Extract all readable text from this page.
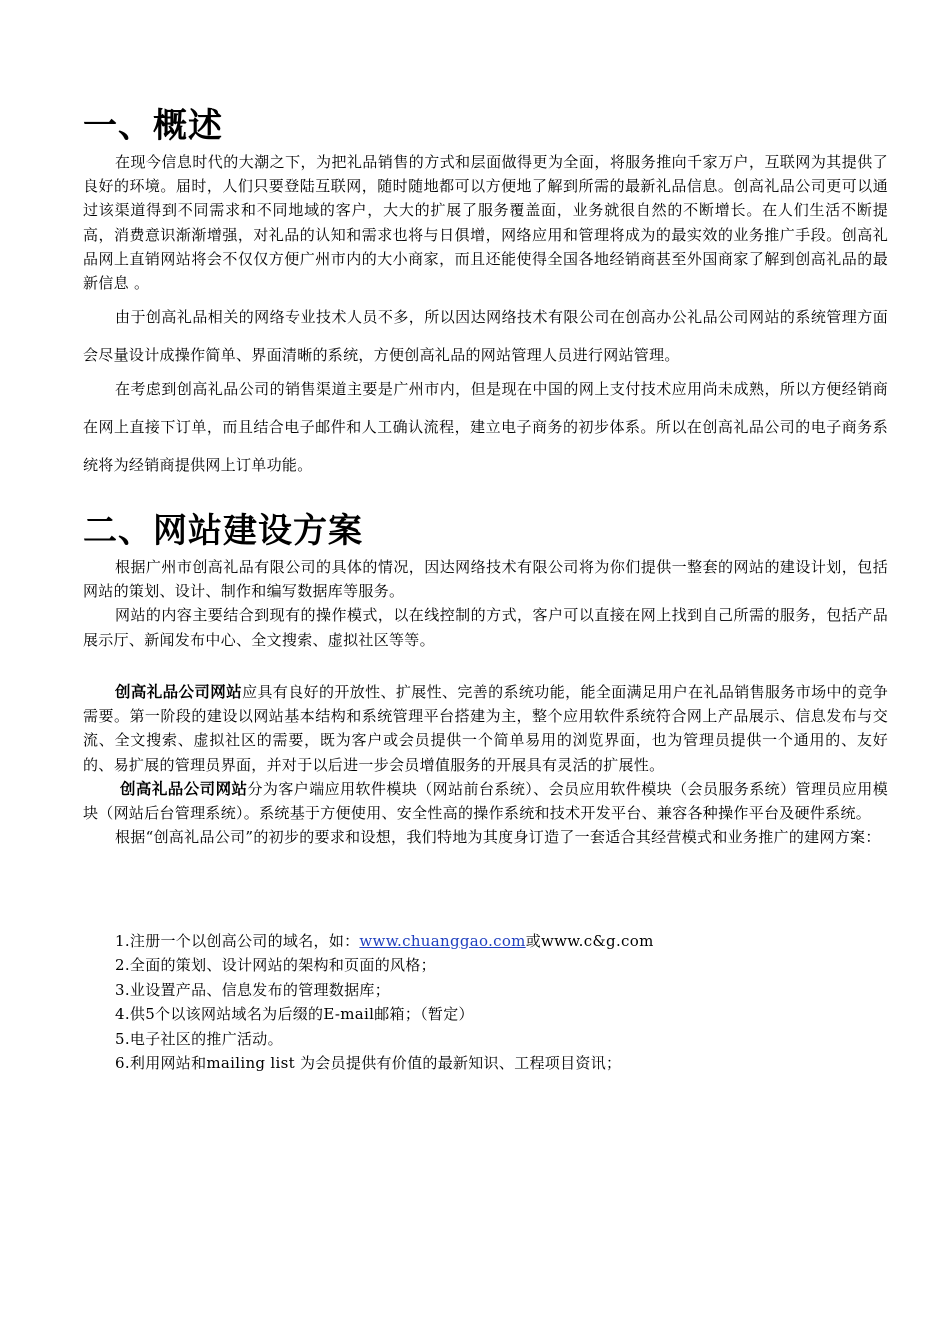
一、概述

在现今信息时代的大潮之下，为把礼品销售的方式和层面做得更为全面，将服务推向千家万户，互联网为其提供了良好的环境。届时，人们只要登陆互联网，随时随地都可以方便地了解到所需的最新礼品信息。创高礼品公司更可以通过该渠道得到不同需求和不同地域的客户，大大的扩展了服务覆盖面，业务就很自然的不断增长。在人们生活不断提高，消费意识渐渐增强，对礼品的认知和需求也将与日俱增，网络应用和管理将成为的最实效的业务推广手段。创高礼品网上直销网站将会不仅仅方便广州市内的大小商家，而且还能使得全国各地经销商甚至外国商家了解到创高礼品的最新信息 。

由于创高礼品相关的网络专业技术人员不多，所以因达网络技术有限公司在创高办公礼品公司网站的系统管理方面会尽量设计成操作简单、界面清晰的系统，方便创高礼品的网站管理人员进行网站管理。

在考虑到创高礼品公司的销售渠道主要是广州市内，但是现在中国的网上支付技术应用尚未成熟，所以方便经销商在网上直接下订单，而且结合电子邮件和人工确认流程，建立电子商务的初步体系。所以在创高礼品公司的电子商务系统将为经销商提供网上订单功能。

二、网站建设方案

根据广州市创高礼品有限公司的具体的情况，因达网络技术有限公司将为你们提供一整套的网站的建设计划，包括网站的策划、设计、制作和编写数据库等服务。

网站的内容主要结合到现有的操作模式，以在线控制的方式，客户可以直接在网上找到自己所需的服务，包括产品展示厅、新闻发布中心、全文搜索、虚拟社区等等。

创高礼品公司网站应具有良好的开放性、扩展性、完善的系统功能，能全面满足用户在礼品销售服务市场中的竞争需要。第一阶段的建设以网站基本结构和系统管理平台搭建为主，整个应用软件系统符合网上产品展示、信息发布与交流、全文搜索、虚拟社区的需要，既为客户或会员提供一个简单易用的浏览界面，也为管理员提供一个通用的、友好的、易扩展的管理员界面，并对于以后进一步会员增值服务的开展具有灵活的扩展性。

创高礼品公司网站分为客户端应用软件模块（网站前台系统）、会员应用软件模块（会员服务系统）管理员应用模块（网站后台管理系统）。系统基于方便使用、安全性高的操作系统和技术开发平台、兼容各种操作平台及硬件系统。

根据“创高礼品公司”的初步的要求和设想，我们特地为其度身订造了一套适合其经营模式和业务推广的建网方案：

1.注册一个以创高公司的域名，如：www.chuanggao.com或www.c&g.com
2.全面的策划、设计网站的架构和页面的风格；
3.业设置产品、信息发布的管理数据库；
4.供5个以该网站域名为后缀的E-mail邮箱；（暂定）
5.电子社区的推广活动。
6.利用网站和mailing list 为会员提供有价值的最新知识、工程项目资讯；
